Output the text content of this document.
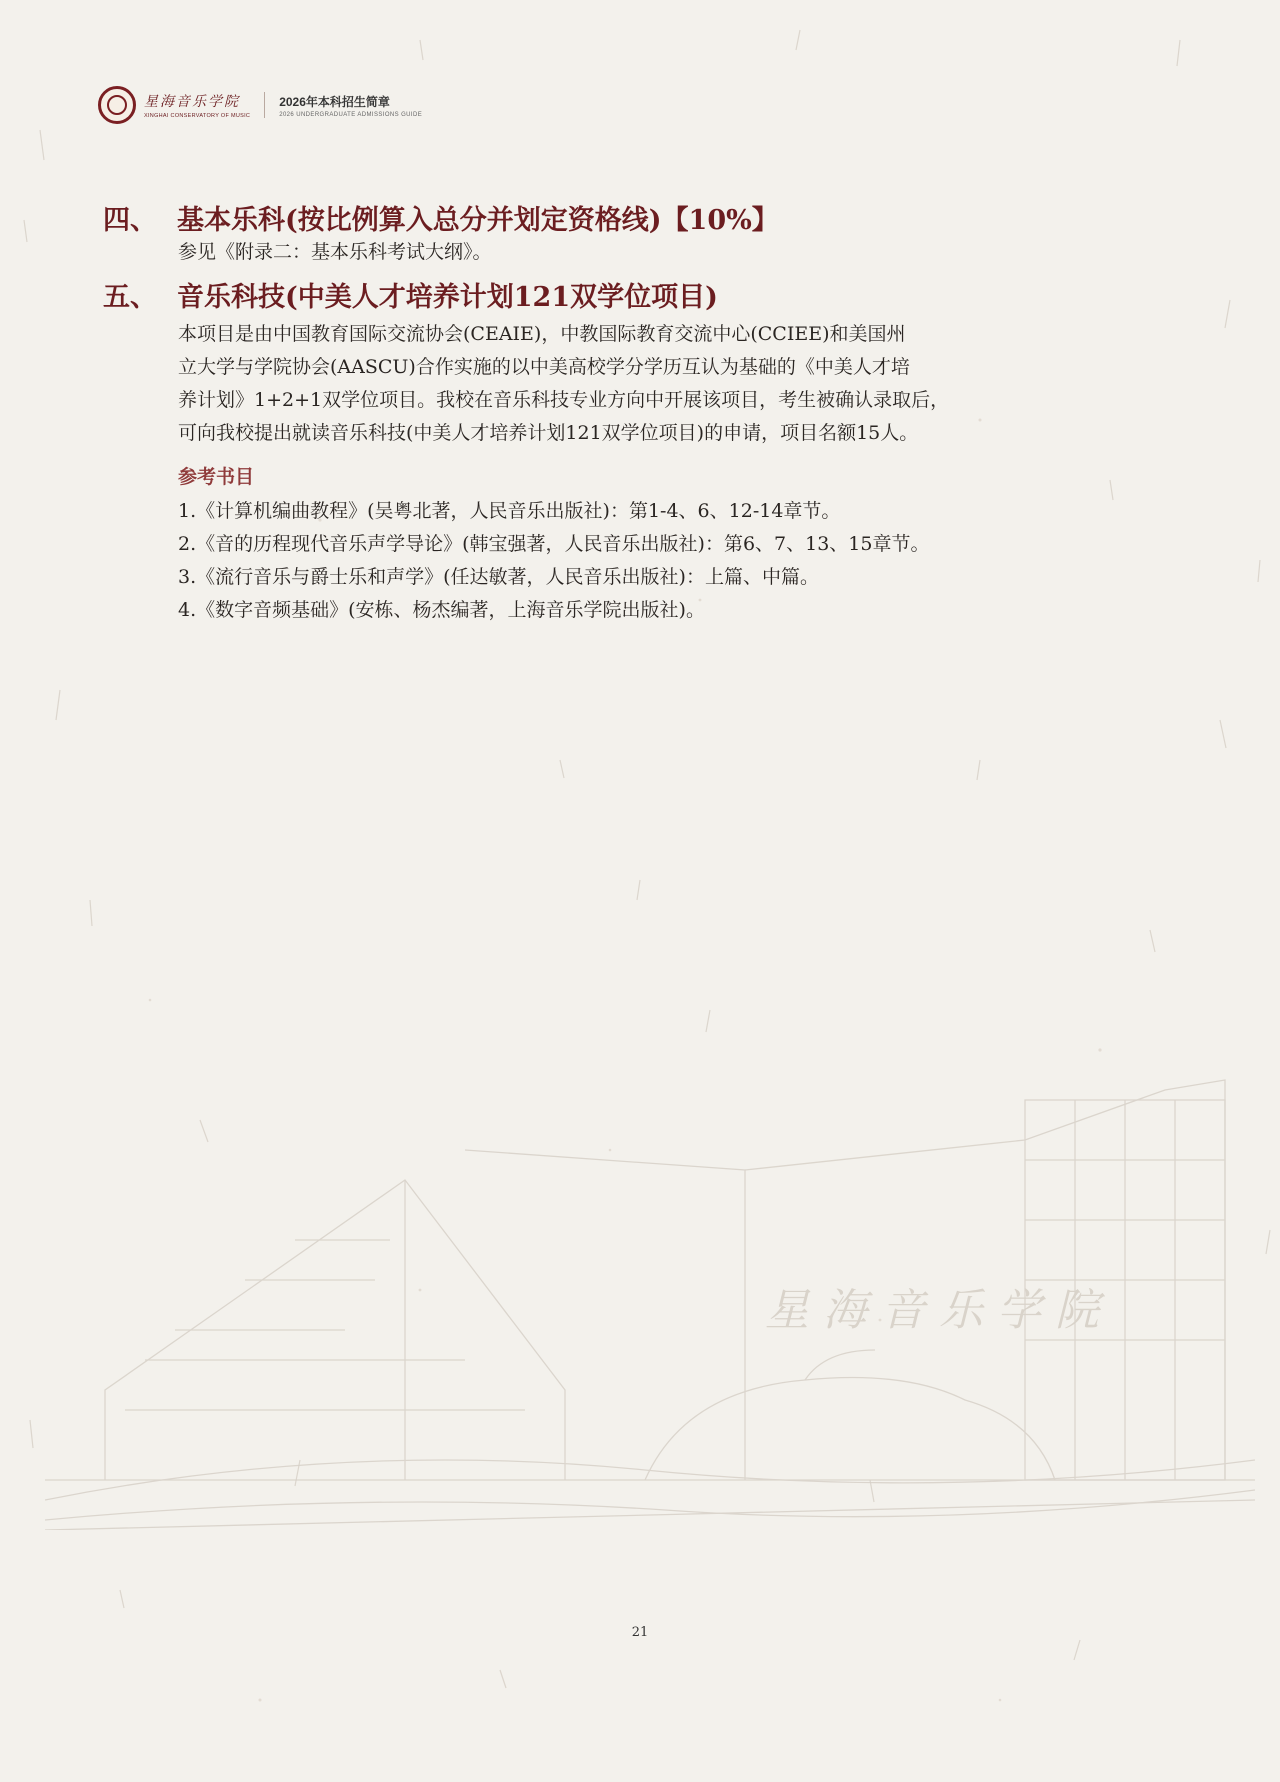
星海音乐学院
星海音乐学院
XINGHAI CONSERVATORY OF MUSIC
2026年本科招生简章
2026 UNDERGRADUATE ADMISSIONS GUIDE
四、 基本乐科(按比例算入总分并划定资格线)【10%】
参见《附录二：基本乐科考试大纲》。
五、 音乐科技(中美人才培养计划121双学位项目)
本项目是由中国教育国际交流协会(CEAIE)，中教国际教育交流中心(CCIEE)和美国州
立大学与学院协会(AASCU)合作实施的以中美高校学分学历互认为基础的《中美人才培
养计划》1+2+1双学位项目。我校在音乐科技专业方向中开展该项目，考生被确认录取后，
可向我校提出就读音乐科技(中美人才培养计划121双学位项目)的申请，项目名额15人。
参考书目
1.《计算机编曲教程》(吴粤北著，人民音乐出版社)：第1-4、6、12-14章节。
2.《音的历程现代音乐声学导论》(韩宝强著，人民音乐出版社)：第6、7、13、15章节。
3.《流行音乐与爵士乐和声学》(任达敏著，人民音乐出版社)：上篇、中篇。
4.《数字音频基础》(安栋、杨杰编著，上海音乐学院出版社)。
21
